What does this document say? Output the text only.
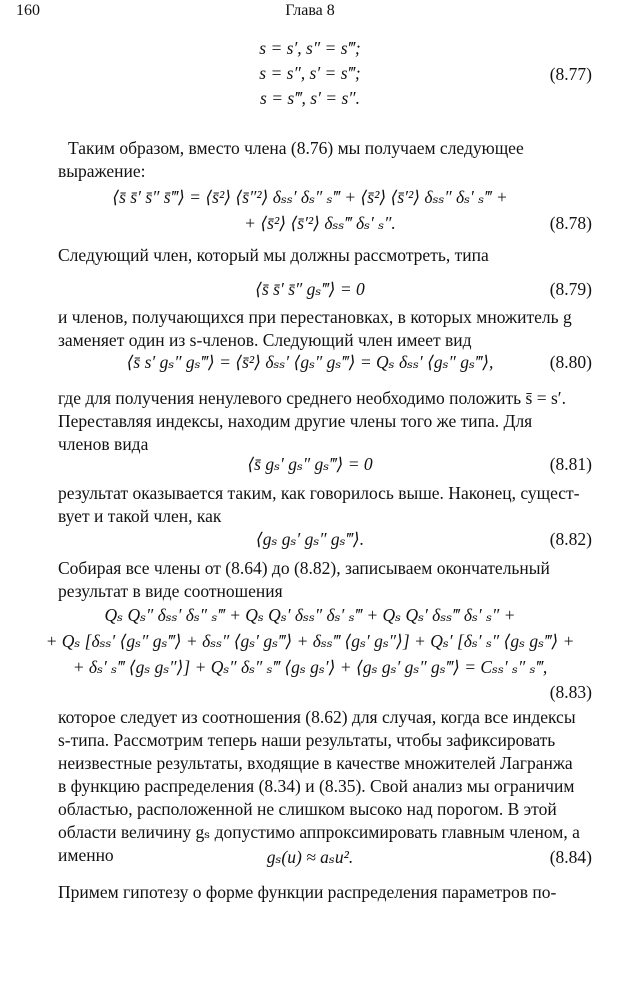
160	Глава 8
s = s′, s″ = s‴;
(8.77)
s = s″, s′ = s‴;
s = s‴, s′ = s″.
Таким образом, вместо члена (8.76) мы получаем следующее
выражение:
⟨s̄ s̄′ s̄″ s̄‴⟩ = ⟨s̄²⟩ ⟨s̄″²⟩ δₛₛ′ δₛ″ ₛ‴ + ⟨s̄²⟩ ⟨s̄′²⟩ δₛₛ″ δₛ′ ₛ‴ +
+ ⟨s̄²⟩ ⟨s̄′²⟩ δₛₛ‴ δₛ′ ₛ″.	(8.78)
Следующий член, который мы должны рассмотреть, типа
⟨s̄ s̄′ s̄″ gₛ‴⟩ = 0	(8.79)
и членов, получающихся при перестановках, в которых множитель g
заменяет один из s-членов. Следующий член имеет вид
⟨s̄ s′ gₛ″ gₛ‴⟩ = ⟨s̄²⟩ δₛₛ′ ⟨gₛ″ gₛ‴⟩ = Qₛ δₛₛ′ ⟨gₛ″ gₛ‴⟩,	(8.80)
где для получения ненулевого среднего необходимо положить s̄ = s′.
Переставляя индексы, находим другие члены того же типа. Для
членов вида
⟨s̄ gₛ′ gₛ″ gₛ‴⟩ = 0	(8.81)
результат оказывается таким, как говорилось выше. Наконец, сущест-
вует и такой член, как
⟨gₛ gₛ′ gₛ″ gₛ‴⟩.	(8.82)
Собирая все члены от (8.64) до (8.82), записываем окончательный
результат в виде соотношения
Qₛ Qₛ″ δₛₛ′ δₛ″ ₛ‴ + Qₛ Qₛ′ δₛₛ″ δₛ′ ₛ‴ + Qₛ Qₛ′ δₛₛ‴ δₛ′ ₛ″ +
+ Qₛ [δₛₛ′ ⟨gₛ″ gₛ‴⟩ + δₛₛ″ ⟨gₛ′ gₛ‴⟩ + δₛₛ‴ ⟨gₛ′ gₛ″⟩] + Qₛ′ [δₛ′ ₛ″ ⟨gₛ gₛ‴⟩ +
+ δₛ′ ₛ‴ ⟨gₛ gₛ″⟩] + Qₛ″ δₛ″ ₛ‴ ⟨gₛ gₛ′⟩ + ⟨gₛ gₛ′ gₛ″ gₛ‴⟩ = Cₛₛ′ ₛ″ ₛ‴,
(8.83)
которое следует из соотношения (8.62) для случая, когда все индексы
s-типа. Рассмотрим теперь наши результаты, чтобы зафиксировать
неизвестные результаты, входящие в качестве множителей Лагранжа
в функцию распределения (8.34) и (8.35). Свой анализ мы ограничим
областью, расположенной не слишком высоко над порогом. В этой
области величину gₛ допустимо аппроксимировать главным членом, а
именно	gₛ(u) ≈ aₛu².	(8.84)
Примем гипотезу о форме функции распределения параметров по-
